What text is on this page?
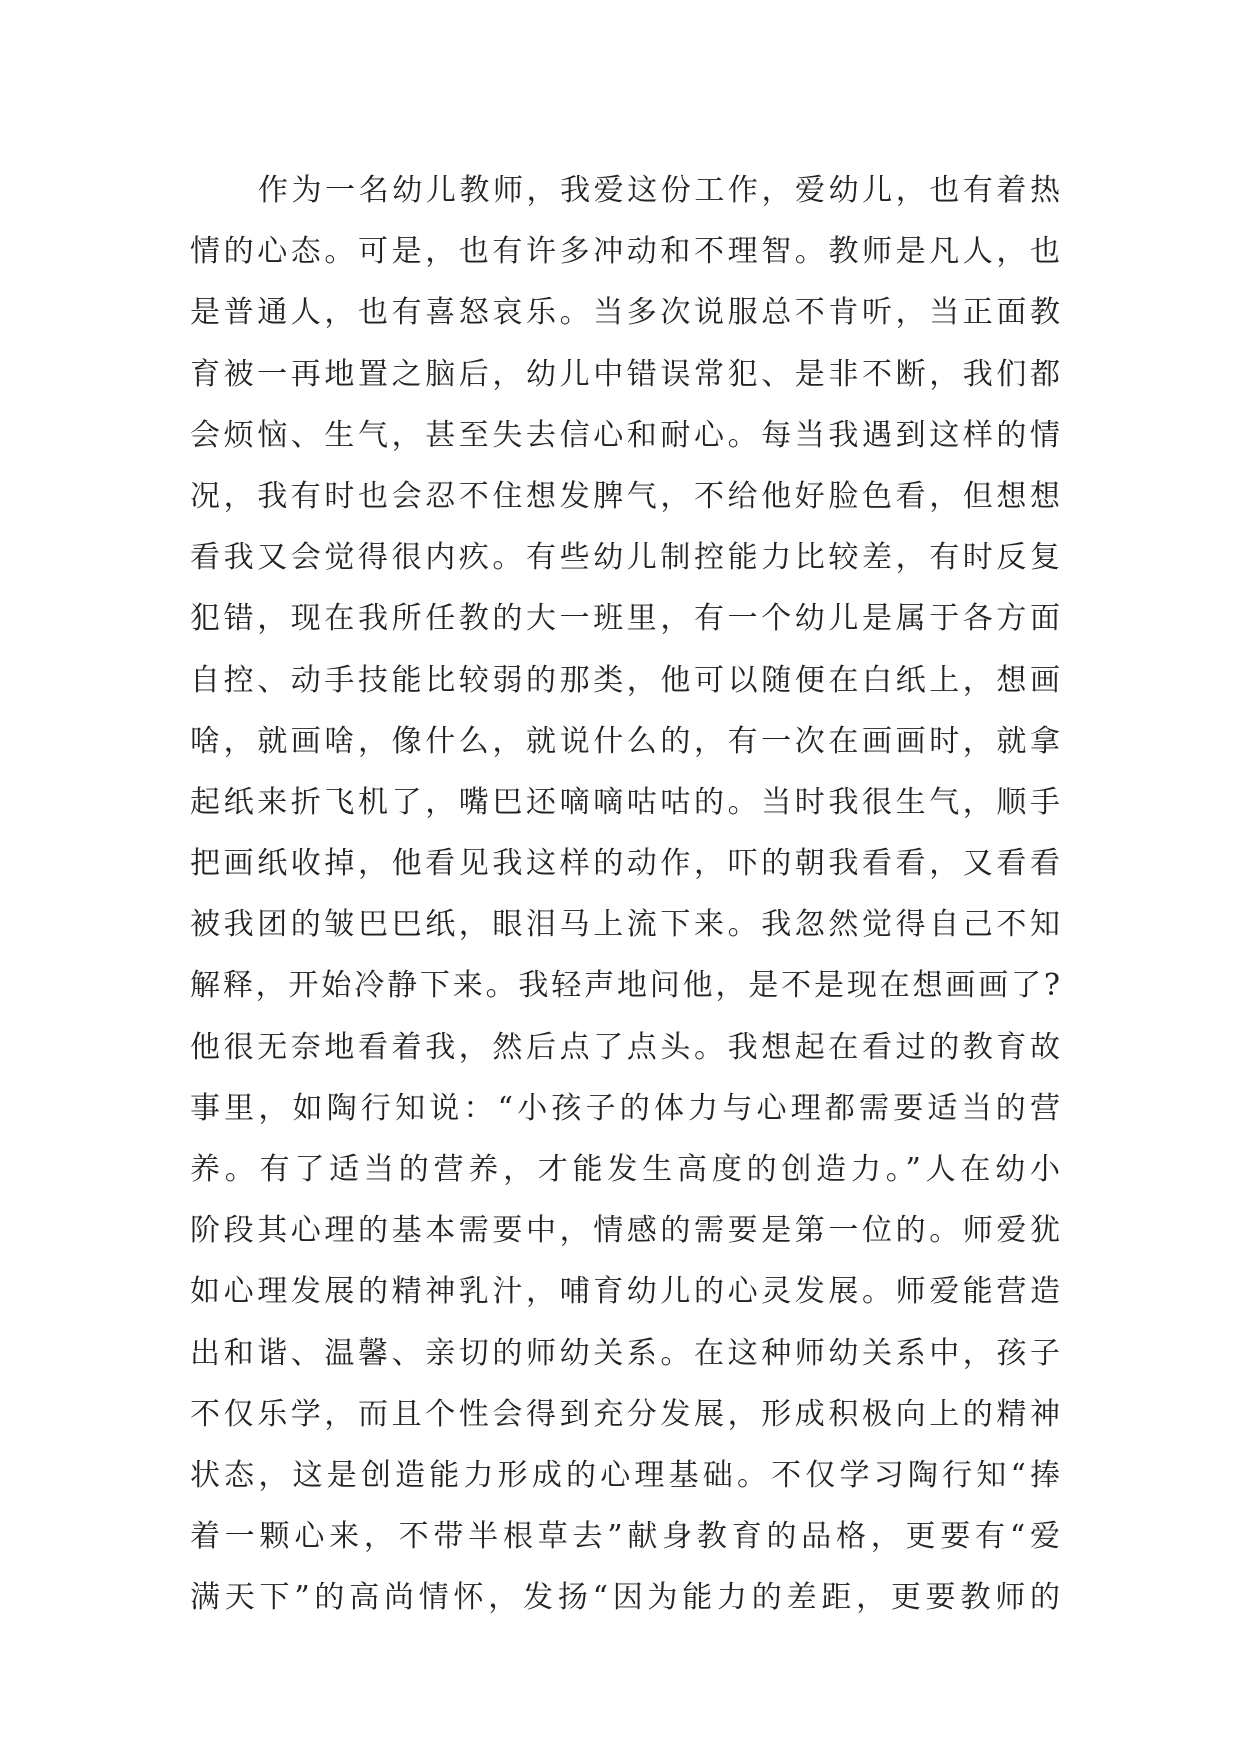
作为一名幼儿教师，我爱这份工作，爱幼儿，也有着热
情的心态。可是，也有许多冲动和不理智。教师是凡人，也
是普通人，也有喜怒哀乐。当多次说服总不肯听，当正面教
育被一再地置之脑后，幼儿中错误常犯、是非不断，我们都
会烦恼、生气，甚至失去信心和耐心。每当我遇到这样的情
况，我有时也会忍不住想发脾气，不给他好脸色看，但想想
看我又会觉得很内疚。有些幼儿制控能力比较差，有时反复
犯错，现在我所任教的大一班里，有一个幼儿是属于各方面
自控、动手技能比较弱的那类，他可以随便在白纸上，想画
啥，就画啥，像什么，就说什么的，有一次在画画时，就拿
起纸来折飞机了，嘴巴还嘀嘀咕咕的。当时我很生气，顺手
把画纸收掉，他看见我这样的动作，吓的朝我看看，又看看
被我团的皱巴巴纸，眼泪马上流下来。我忽然觉得自己不知
解释，开始冷静下来。我轻声地问他，是不是现在想画画了?
他很无奈地看着我，然后点了点头。我想起在看过的教育故
事里，如陶行知说：“小孩子的体力与心理都需要适当的营
养。有了适当的营养，才能发生高度的创造力。”人在幼小
阶段其心理的基本需要中，情感的需要是第一位的。师爱犹
如心理发展的精神乳汁，哺育幼儿的心灵发展。师爱能营造
出和谐、温馨、亲切的师幼关系。在这种师幼关系中，孩子
不仅乐学，而且个性会得到充分发展，形成积极向上的精神
状态，这是创造能力形成的心理基础。不仅学习陶行知“捧
着一颗心来，不带半根草去”献身教育的品格，更要有“爱
满天下”的高尚情怀，发扬“因为能力的差距，更要教师的
